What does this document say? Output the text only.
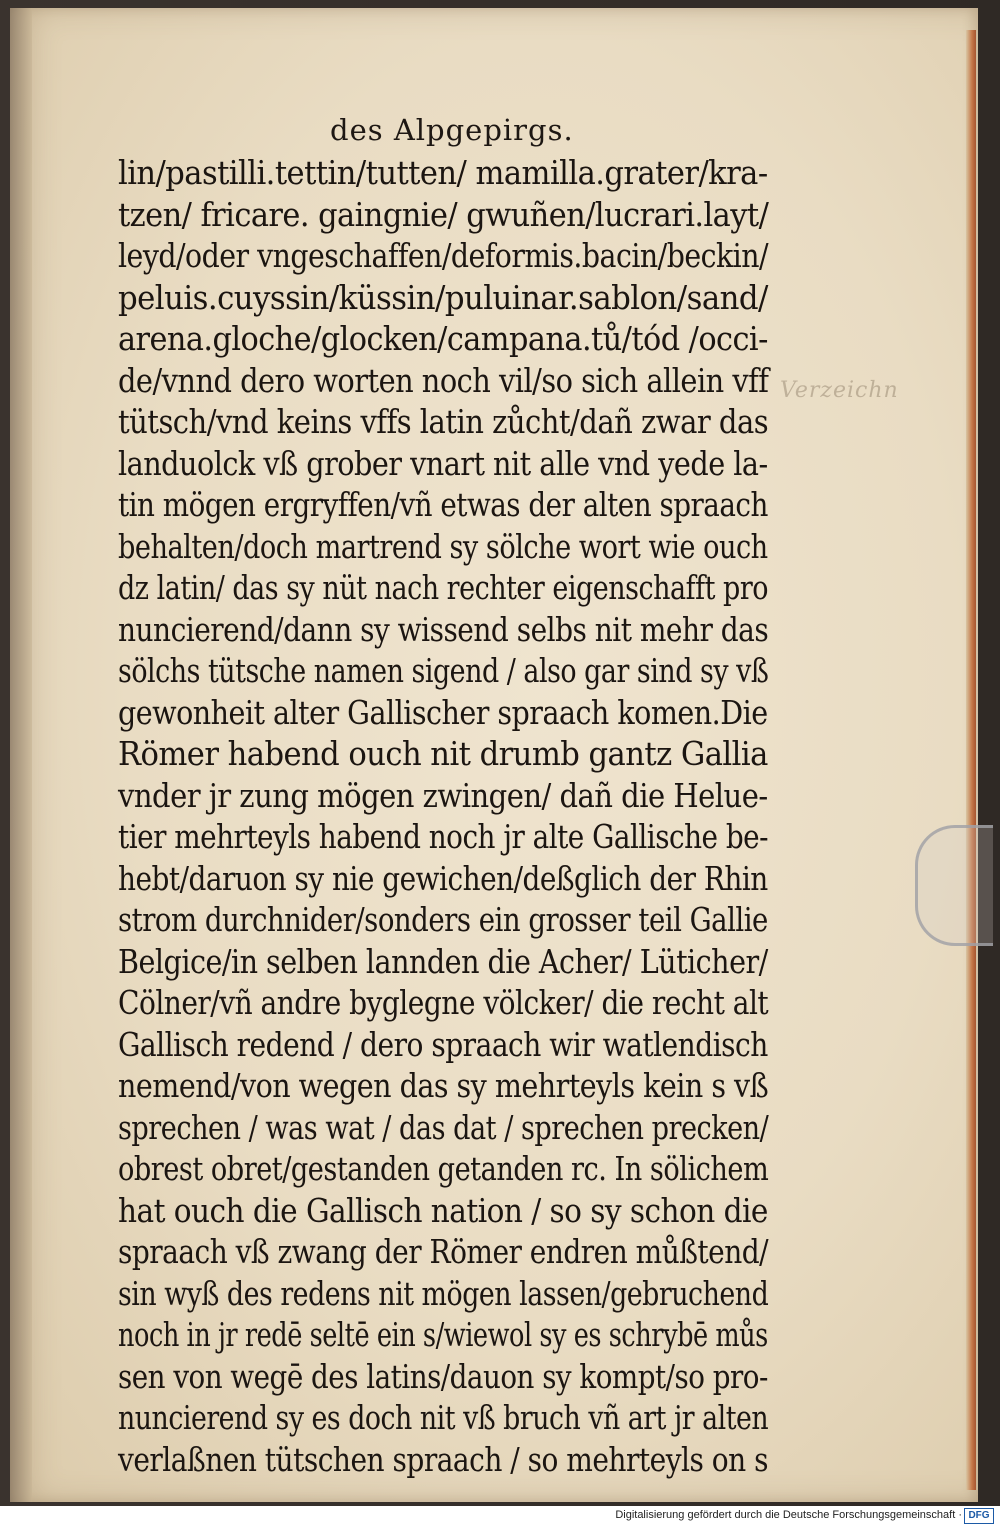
Verzeichn
des Alpgepirgs.
lin/pastilli.tettin/tutten/ mamilla.grater/kra-
tzen/ fricare. gaingnie/ gwuñen/lucrari.layt/
leyd/oder vngeschaffen/deformis.bacin/beckin/
peluis.cuyssin/küssin/puluinar.sablon/sand/
arena.gloche/glocken/campana.tů/tód /occi-
de/vnnd dero worten noch vil/so sich allein vff
tütsch/vnd keins vffs latin zůcht/dañ zwar das
landuolck vß grober vnart nit alle vnd yede la-
tin mögen ergryffen/vñ etwas der alten spraach
behalten/doch martrend sy sölche wort wie ouch
dz latin/ das sy nüt nach rechter eigenschafft pro
nuncierend/dann sy wissend selbs nit mehr das
sölchs tütsche namen sigend / also gar sind sy vß
gewonheit alter Gallischer spraach komen.Die
Römer habend ouch nit drumb gantz Gallia
vnder jr zung mögen zwingen/ dañ die Helue-
tier mehrteyls habend noch jr alte Gallische be-
hebt/daruon sy nie gewichen/deßglich der Rhin
strom durchnider/sonders ein grosser teil Gallie
Belgice/in selben lannden die Acher/ Lüticher/
Cölner/vñ andre byglegne völcker/ die recht alt
Gallisch redend / dero spraach wir watlendisch
nemend/von wegen das sy mehrteyls kein s vß
sprechen / was wat / das dat / sprechen precken/
obrest obret/gestanden getanden rc. In sölichem
hat ouch die Gallisch nation / so sy schon die
spraach vß zwang der Römer endren můßtend/
sin wyß des redens nit mögen lassen/gebruchend
noch in jr redē seltē ein s/wiewol sy es schrybē můs
sen von wegē des latins/dauon sy kompt/so pro-
nuncierend sy es doch nit vß bruch vñ art jr alten
verlaßnen tütschen spraach / so mehrteyls on s
Digitalisierung gefördert durch die Deutsche Forschungsgemeinschaft · DFG
